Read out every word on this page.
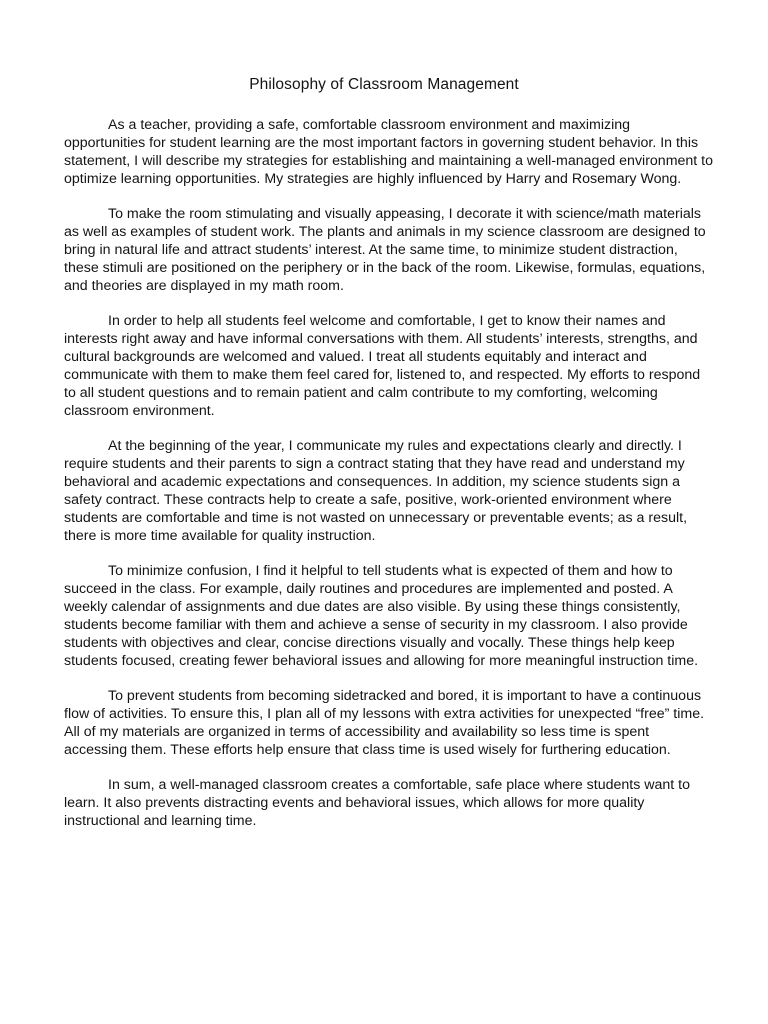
Philosophy of Classroom Management

As a teacher, providing a safe, comfortable classroom environment and maximizing opportunities for student learning are the most important factors in governing student behavior. In this statement, I will describe my strategies for establishing and maintaining a well-managed environment to optimize learning opportunities. My strategies are highly influenced by Harry and Rosemary Wong.

To make the room stimulating and visually appeasing, I decorate it with science/math materials as well as examples of student work. The plants and animals in my science classroom are designed to bring in natural life and attract students’ interest. At the same time, to minimize student distraction, these stimuli are positioned on the periphery or in the back of the room. Likewise, formulas, equations, and theories are displayed in my math room.

In order to help all students feel welcome and comfortable, I get to know their names and interests right away and have informal conversations with them. All students’ interests, strengths, and cultural backgrounds are welcomed and valued. I treat all students equitably and interact and communicate with them to make them feel cared for, listened to, and respected. My efforts to respond to all student questions and to remain patient and calm contribute to my comforting, welcoming classroom environment.

At the beginning of the year, I communicate my rules and expectations clearly and directly. I require students and their parents to sign a contract stating that they have read and understand my behavioral and academic expectations and consequences. In addition, my science students sign a safety contract. These contracts help to create a safe, positive, work-oriented environment where students are comfortable and time is not wasted on unnecessary or preventable events; as a result, there is more time available for quality instruction.

To minimize confusion, I find it helpful to tell students what is expected of them and how to succeed in the class. For example, daily routines and procedures are implemented and posted. A weekly calendar of assignments and due dates are also visible. By using these things consistently, students become familiar with them and achieve a sense of security in my classroom. I also provide students with objectives and clear, concise directions visually and vocally. These things help keep students focused, creating fewer behavioral issues and allowing for more meaningful instruction time.

To prevent students from becoming sidetracked and bored, it is important to have a continuous flow of activities. To ensure this, I plan all of my lessons with extra activities for unexpected “free” time. All of my materials are organized in terms of accessibility and availability so less time is spent accessing them. These efforts help ensure that class time is used wisely for furthering education.

In sum, a well-managed classroom creates a comfortable, safe place where students want to learn. It also prevents distracting events and behavioral issues, which allows for more quality instructional and learning time.
